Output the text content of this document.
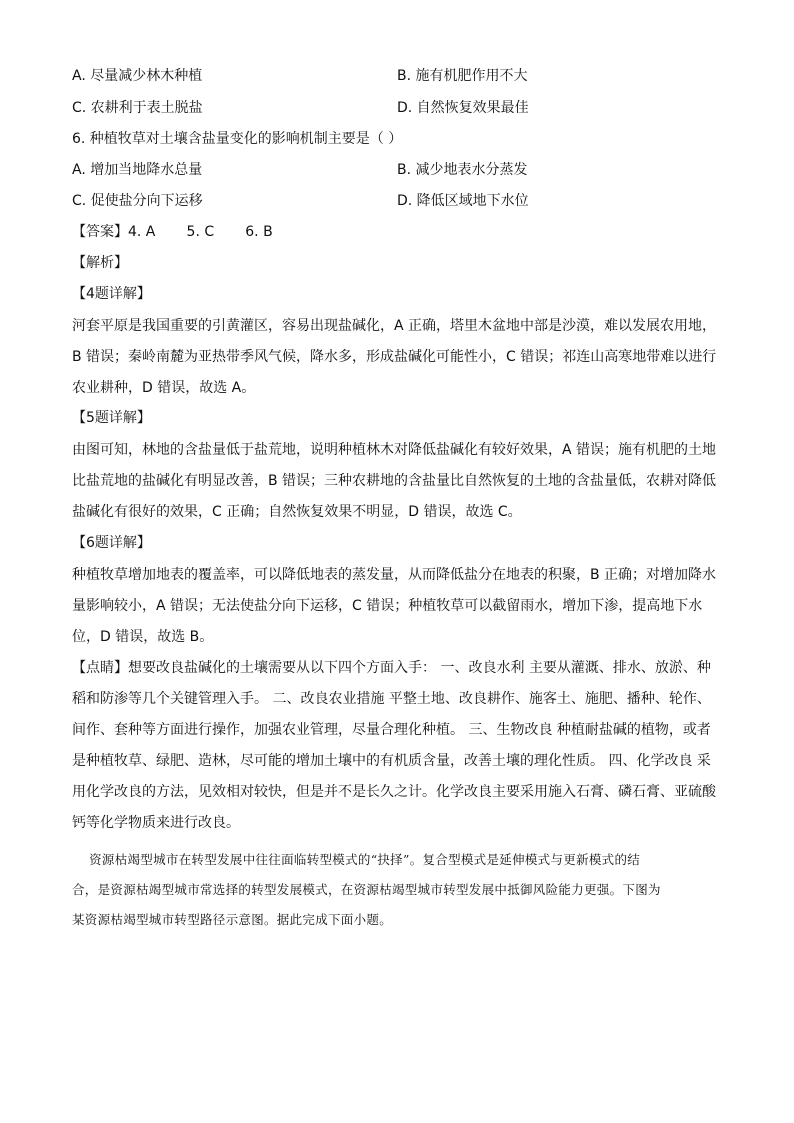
A. 尽量减少林木种植	B. 施有机肥作用不大
C. 农耕利于表土脱盐	D. 自然恢复效果最佳
6. 种植牧草对土壤含盐量变化的影响机制主要是（ ）
A. 增加当地降水总量	B. 减少地表水分蒸发
C. 促使盐分向下运移	D. 降低区域地下水位
【答案】4. A       5. C       6. B
【解析】
【4题详解】
河套平原是我国重要的引黄灌区，容易出现盐碱化，A 正确，塔里木盆地中部是沙漠，难以发展农用地，
B 错误；秦岭南麓为亚热带季风气候，降水多，形成盐碱化可能性小，C 错误；祁连山高寒地带难以进行
农业耕种，D 错误，故选 A。
【5题详解】
由图可知，林地的含盐量低于盐荒地，说明种植林木对降低盐碱化有较好效果，A 错误；施有机肥的土地
比盐荒地的盐碱化有明显改善，B 错误；三种农耕地的含盐量比自然恢复的土地的含盐量低，农耕对降低
盐碱化有很好的效果，C 正确；自然恢复效果不明显，D 错误，故选 C。
【6题详解】
种植牧草增加地表的覆盖率，可以降低地表的蒸发量，从而降低盐分在地表的积聚，B 正确；对增加降水
量影响较小，A 错误；无法使盐分向下运移，C 错误；种植牧草可以截留雨水，增加下渗，提高地下水
位，D 错误，故选 B。
【点睛】想要改良盐碱化的土壤需要从以下四个方面入手： 一、改良水利 主要从灌溉、排水、放淤、种
稻和防渗等几个关键管理入手。 二、改良农业措施 平整土地、改良耕作、施客土、施肥、播种、轮作、
间作、套种等方面进行操作，加强农业管理，尽量合理化种植。 三、生物改良 种植耐盐碱的植物，或者
是种植牧草、绿肥、造林，尽可能的增加土壤中的有机质含量，改善土壤的理化性质。 四、化学改良 采
用化学改良的方法，见效相对较快，但是并不是长久之计。化学改良主要采用施入石膏、磷石膏、亚硫酸
钙等化学物质来进行改良。
资源枯竭型城市在转型发展中往往面临转型模式的“抉择”。复合型模式是延伸模式与更新模式的结
合，是资源枯竭型城市常选择的转型发展模式，在资源枯竭型城市转型发展中抵御风险能力更强。下图为
某资源枯竭型城市转型路径示意图。据此完成下面小题。
